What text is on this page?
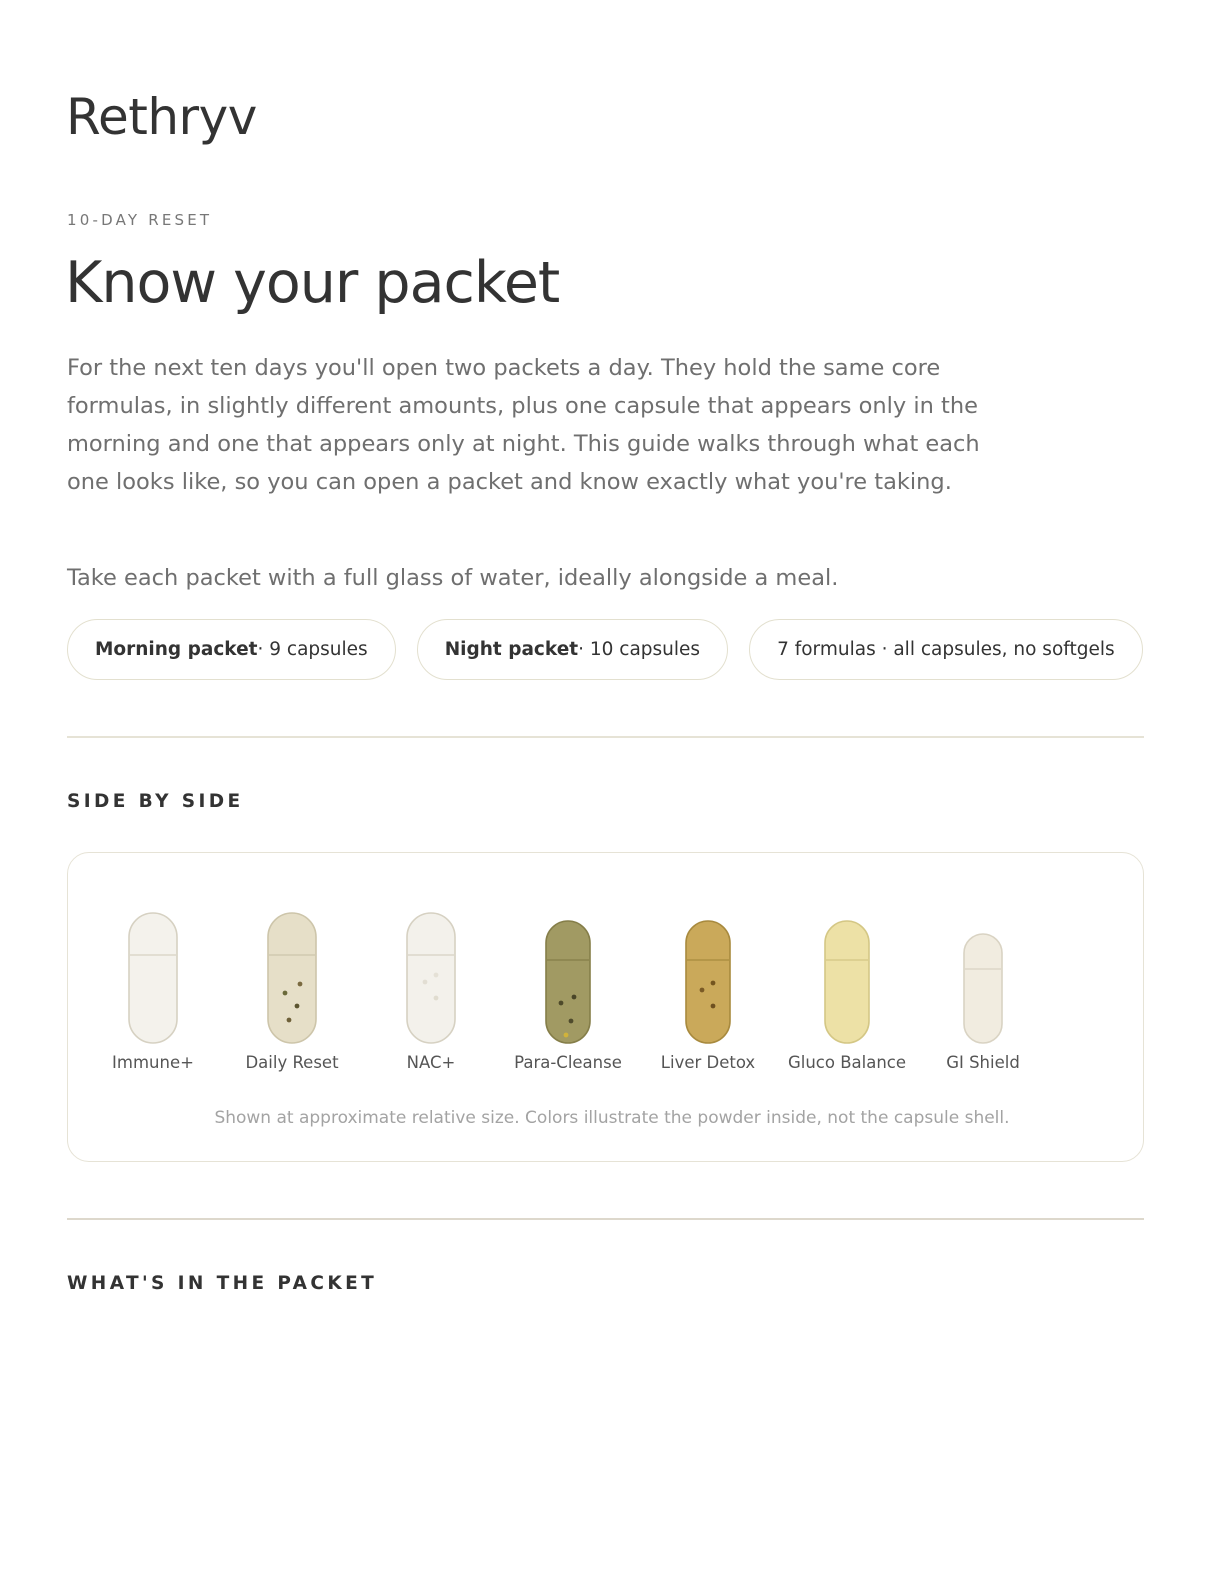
Rethryv
10-DAY RESET
Know your packet

For the next ten days you'll open two packets a day. They hold the same core formulas, in slightly different amounts, plus one capsule that appears only in the morning and one that appears only at night. This guide walks through what each one looks like, so you can open a packet and know exactly what you're taking.

Take each packet with a full glass of water, ideally alongside a meal.

Morning packet · 9 capsules	Night packet · 10 capsules	7 formulas · all capsules, no softgels
SIDE BY SIDE
Immune+	Daily Reset	NAC+	Para-Cleanse Liver Detox Gluco Balance GI Shield
Shown at approximate relative size. Colors illustrate the powder inside, not the capsule shell.
WHAT'S IN THE PACKET
